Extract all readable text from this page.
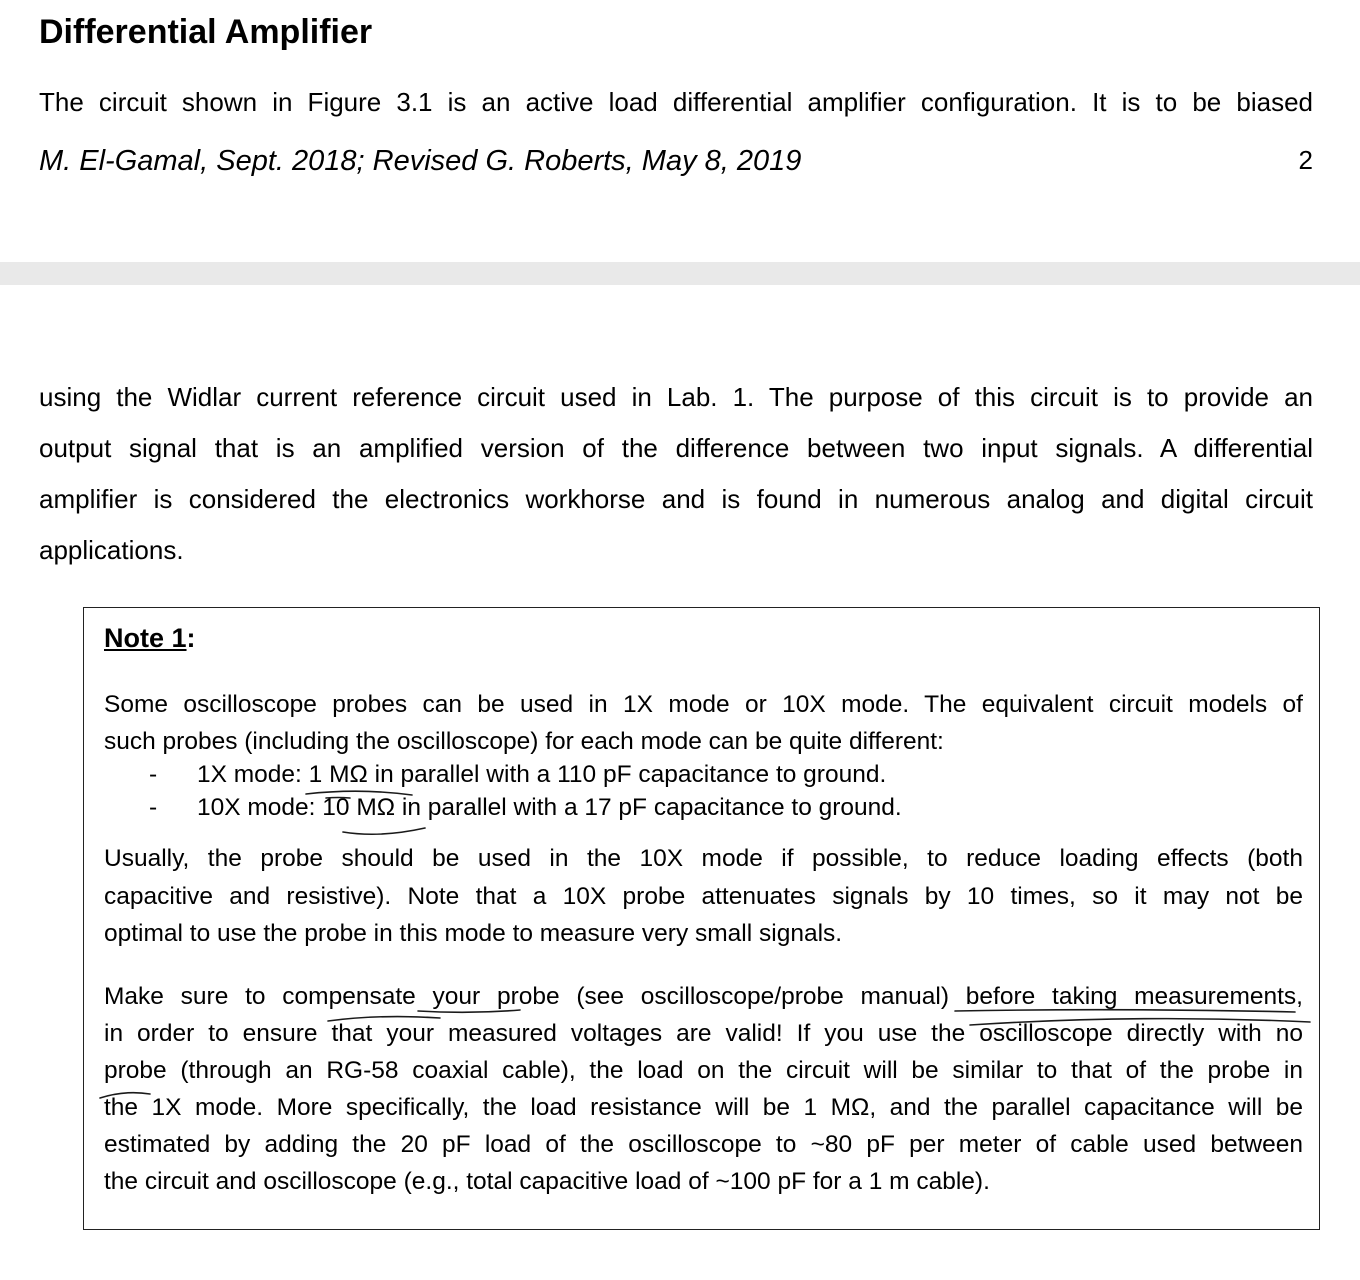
Differential Amplifier
The circuit shown in Figure 3.1 is an active load differential amplifier configuration. It is to be biased
M. El-Gamal, Sept. 2018; Revised G. Roberts, May 8, 2019	2
using the Widlar current reference circuit used in Lab. 1. The purpose of this circuit is to provide an
output signal that is an amplified version of the difference between two input signals. A differential
amplifier is considered the electronics workhorse and is found in numerous analog and digital circuit
applications.
Note 1:
Some oscilloscope probes can be used in 1X mode or 10X mode. The equivalent circuit models of
such probes (including the oscilloscope) for each mode can be quite different:
- 1X mode: 1 MΩ in parallel with a 110 pF capacitance to ground.
- 10X mode: 10 MΩ in parallel with a 17 pF capacitance to ground.
Usually, the probe should be used in the 10X mode if possible, to reduce loading effects (both
capacitive and resistive). Note that a 10X probe attenuates signals by 10 times, so it may not be
optimal to use the probe in this mode to measure very small signals.
Make sure to compensate your probe (see oscilloscope/probe manual) before taking measurements,
in order to ensure that your measured voltages are valid! If you use the oscilloscope directly with no
probe (through an RG-58 coaxial cable), the load on the circuit will be similar to that of the probe in
the 1X mode. More specifically, the load resistance will be 1 MΩ, and the parallel capacitance will be
estimated by adding the 20 pF load of the oscilloscope to ~80 pF per meter of cable used between
the circuit and oscilloscope (e.g., total capacitive load of ~100 pF for a 1 m cable).
